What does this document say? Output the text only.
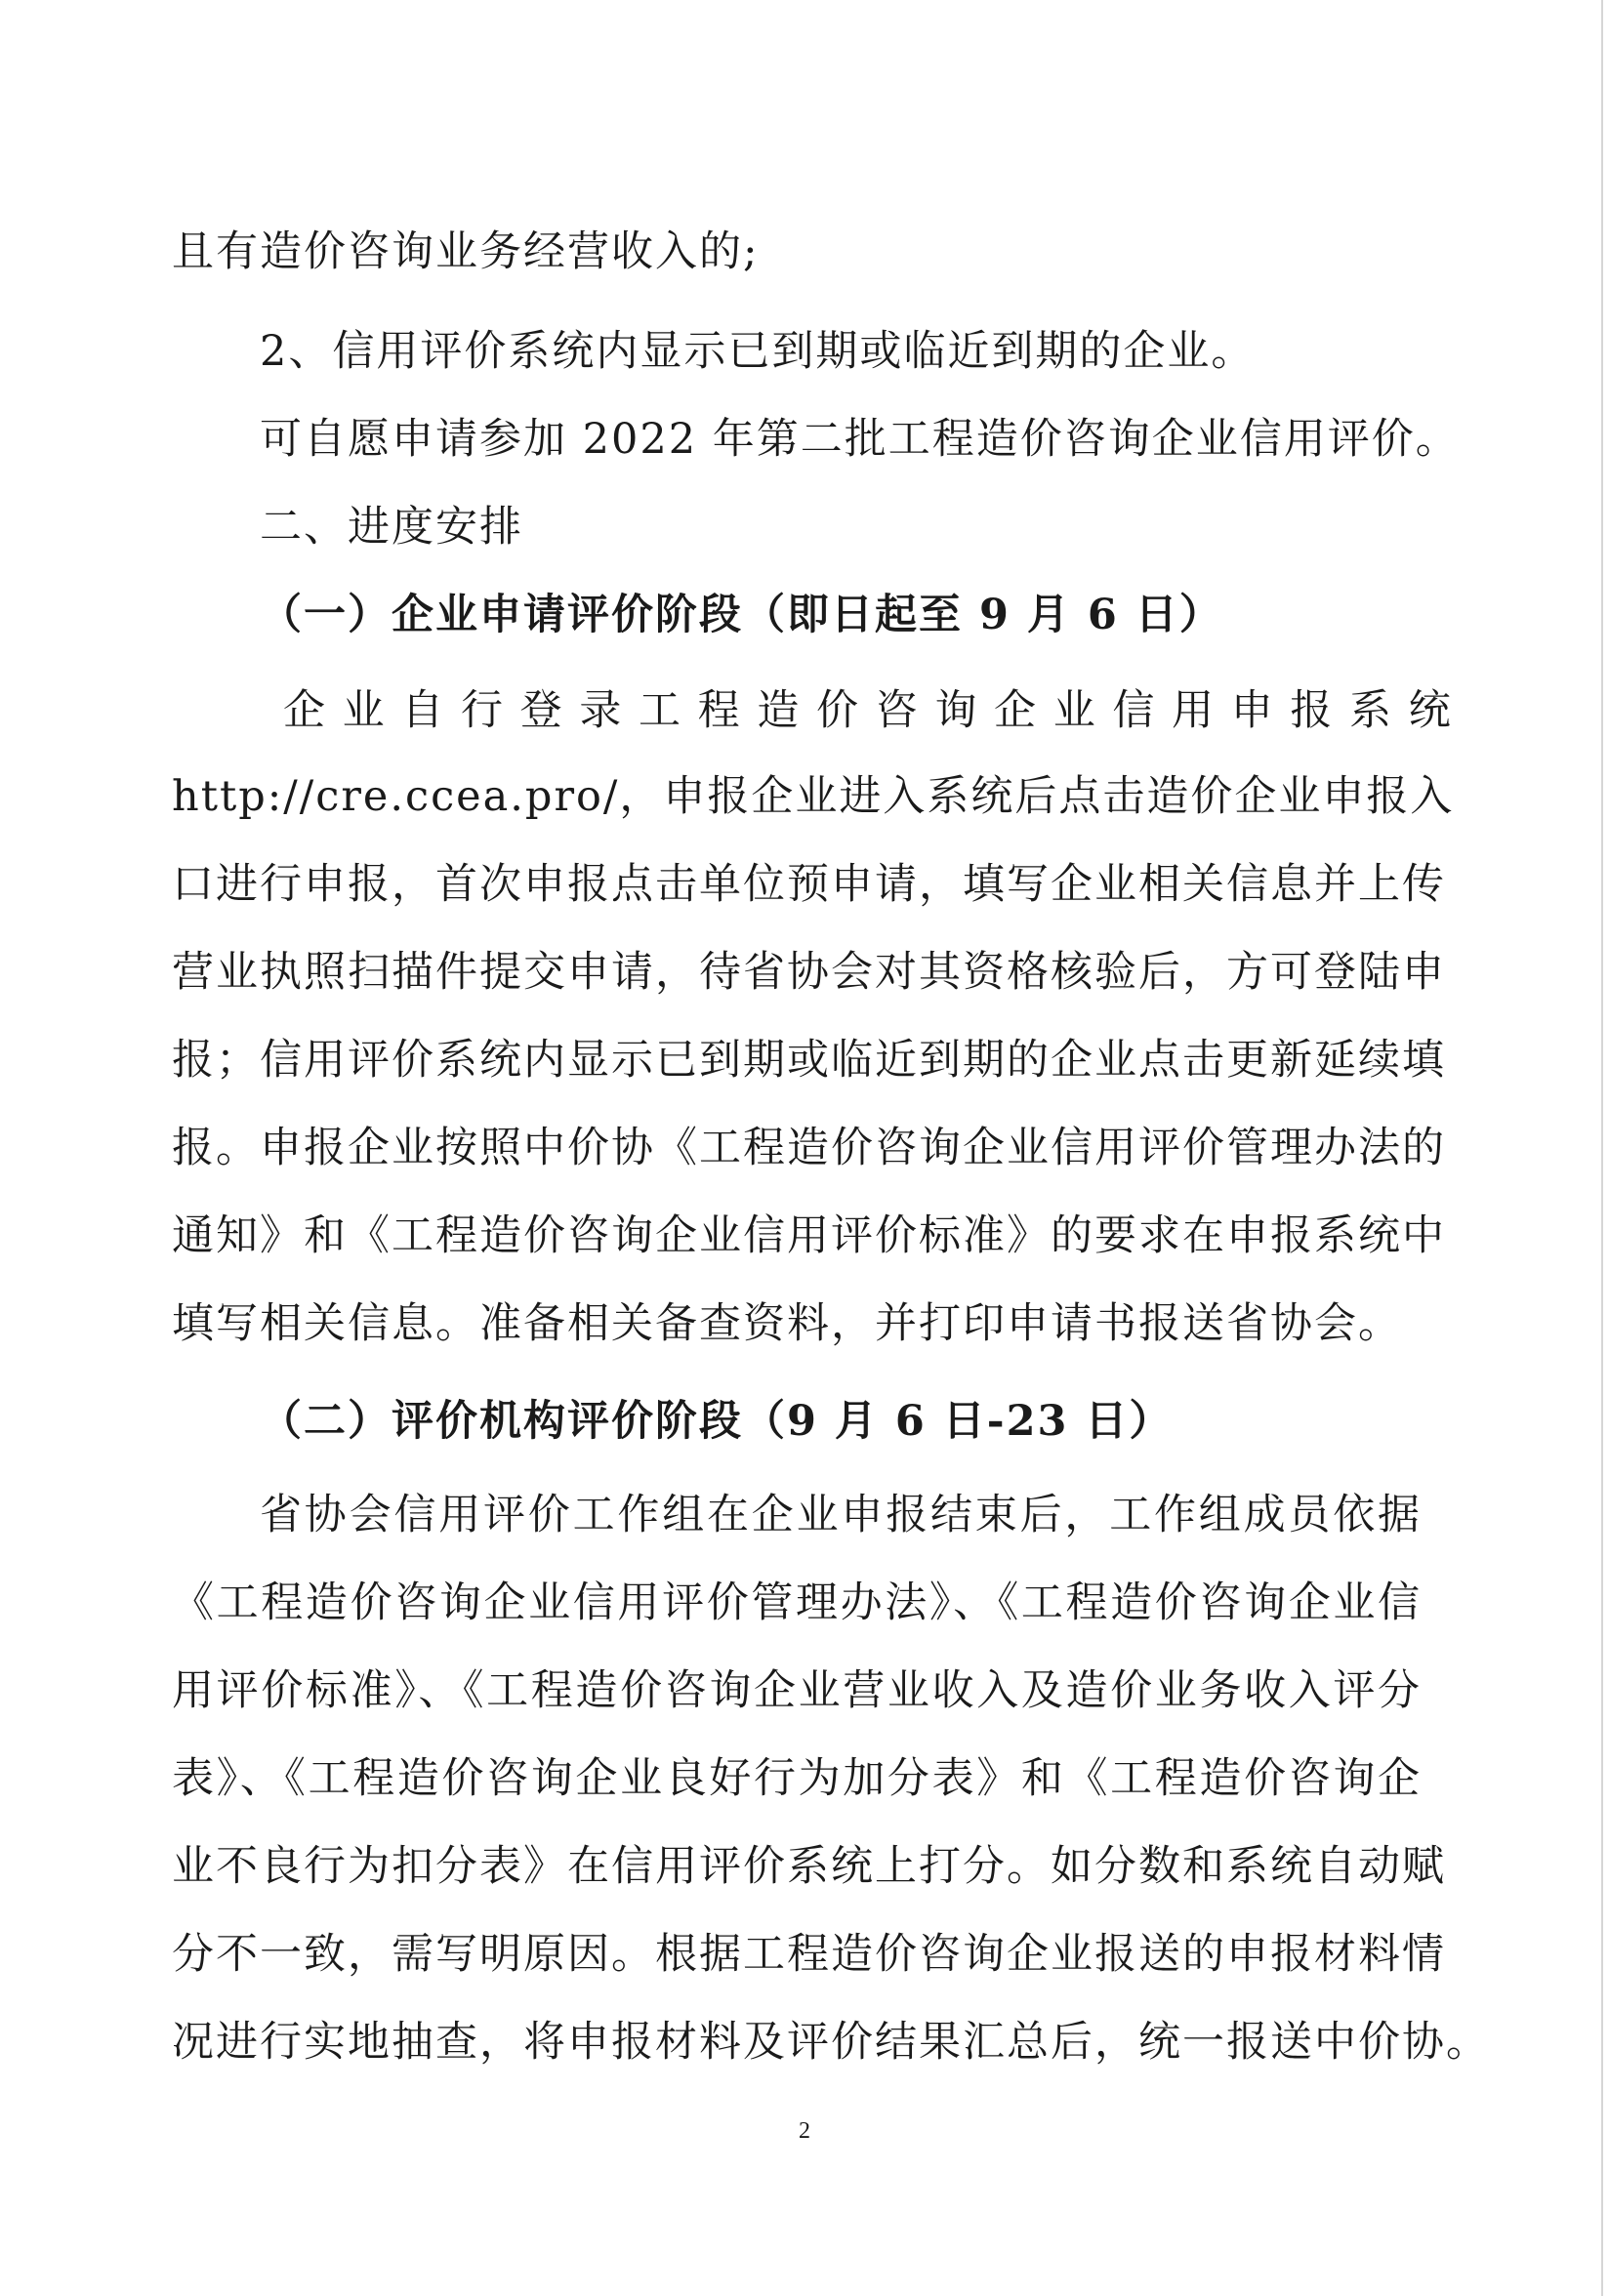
且有造价咨询业务经营收入的;
2、信用评价系统内显示已到期或临近到期的企业。
可自愿申请参加 2022 年第二批工程造价咨询企业信用评价。
二、进度安排
（一）企业申请评价阶段（即日起至 9 月 6 日）
企 业 自 行 登 录 工 程 造 价 咨 询 企 业 信 用 申 报 系 统
http://cre.ccea.pro/，申报企业进入系统后点击造价企业申报入
口进行申报，首次申报点击单位预申请，填写企业相关信息并上传
营业执照扫描件提交申请，待省协会对其资格核验后，方可登陆申
报；信用评价系统内显示已到期或临近到期的企业点击更新延续填
报。申报企业按照中价协《工程造价咨询企业信用评价管理办法的
通知》和《工程造价咨询企业信用评价标准》的要求在申报系统中
填写相关信息。准备相关备查资料，并打印申请书报送省协会。
（二）评价机构评价阶段（9 月 6 日-23 日）
省协会信用评价工作组在企业申报结束后，工作组成员依据
《工程造价咨询企业信用评价管理办法》、《工程造价咨询企业信
用评价标准》、《工程造价咨询企业营业收入及造价业务收入评分
表》、《工程造价咨询企业良好行为加分表》和《工程造价咨询企
业不良行为扣分表》在信用评价系统上打分。如分数和系统自动赋
分不一致，需写明原因。根据工程造价咨询企业报送的申报材料情
况进行实地抽查，将申报材料及评价结果汇总后，统一报送中价协。
2
